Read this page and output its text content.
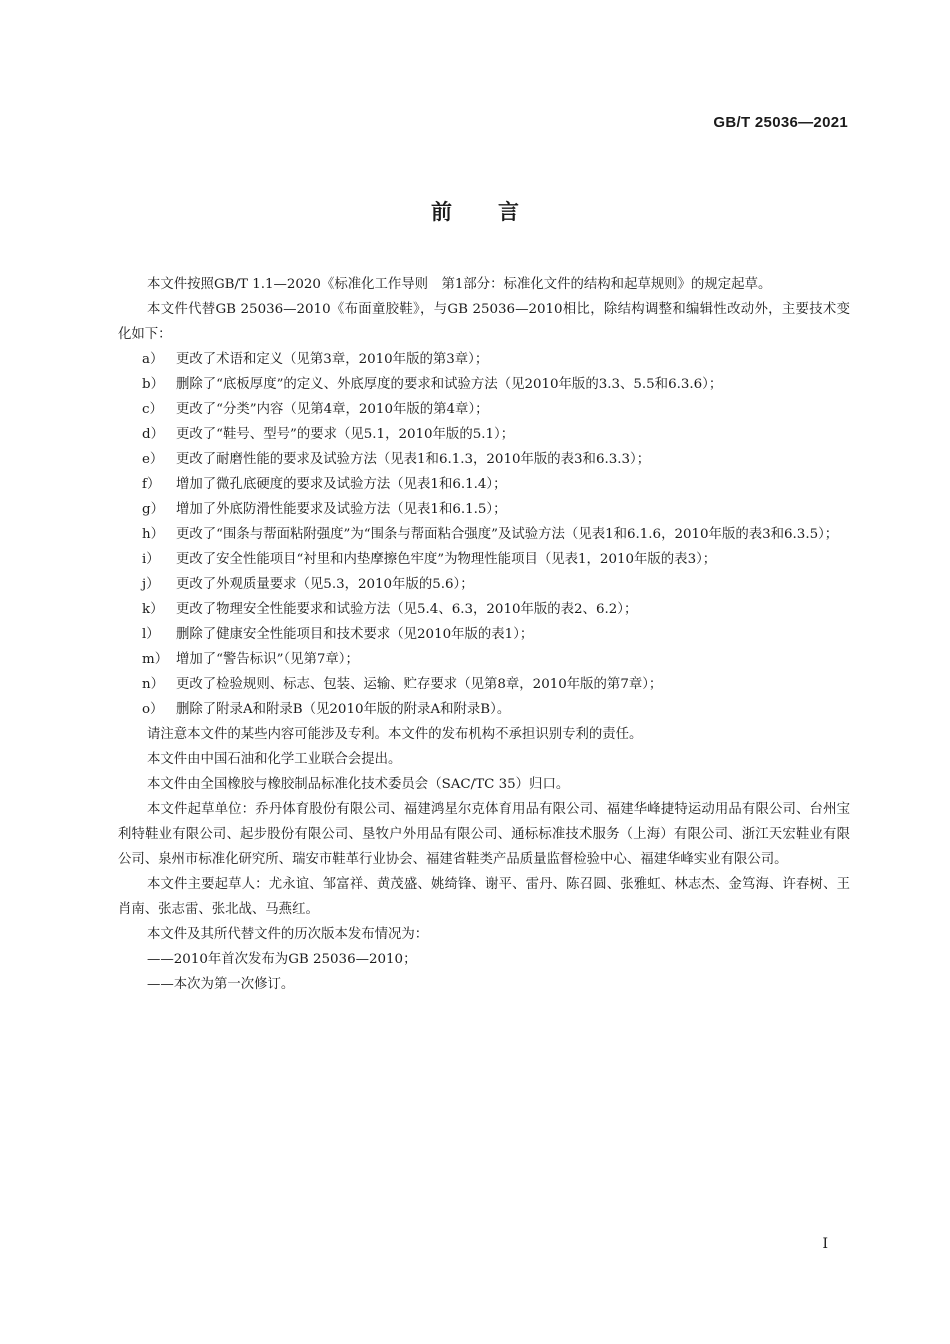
GB/T 25036—2021
前言

本文件按照GB/T 1.1—2020《标准化工作导则　第1部分：标准化文件的结构和起草规则》的规定起草。

本文件代替GB 25036—2010《布面童胶鞋》，与GB 25036—2010相比，除结构调整和编辑性改动外，主要技术变化如下：

a） 更改了术语和定义（见第3章，2010年版的第3章）；

b） 删除了“底板厚度”的定义、外底厚度的要求和试验方法（见2010年版的3.3、5.5和6.3.6）；

c） 更改了“分类”内容（见第4章，2010年版的第4章）；

d） 更改了“鞋号、型号”的要求（见5.1，2010年版的5.1）；

e） 更改了耐磨性能的要求及试验方法（见表1和6.1.3，2010年版的表3和6.3.3）；

f） 增加了微孔底硬度的要求及试验方法（见表1和6.1.4）；

g） 增加了外底防滑性能要求及试验方法（见表1和6.1.5）；

h） 更改了“围条与帮面粘附强度”为“围条与帮面粘合强度”及试验方法（见表1和6.1.6，2010年版的表3和6.3.5）；

i） 更改了安全性能项目“衬里和内垫摩擦色牢度”为物理性能项目（见表1，2010年版的表3）；

j） 更改了外观质量要求（见5.3，2010年版的5.6）；

k） 更改了物理安全性能要求和试验方法（见5.4、6.3，2010年版的表2、6.2）；

l） 删除了健康安全性能项目和技术要求（见2010年版的表1）；

m） 增加了“警告标识”（见第7章）；

n） 更改了检验规则、标志、包装、运输、贮存要求（见第8章，2010年版的第7章）；

o） 删除了附录A和附录B（见2010年版的附录A和附录B）。

请注意本文件的某些内容可能涉及专利。本文件的发布机构不承担识别专利的责任。

本文件由中国石油和化学工业联合会提出。

本文件由全国橡胶与橡胶制品标准化技术委员会（SAC/TC 35）归口。

本文件起草单位：乔丹体育股份有限公司、福建鸿星尔克体育用品有限公司、福建华峰捷特运动用品有限公司、台州宝利特鞋业有限公司、起步股份有限公司、垦牧户外用品有限公司、通标标准技术服务（上海）有限公司、浙江天宏鞋业有限公司、泉州市标准化研究所、瑞安市鞋革行业协会、福建省鞋类产品质量监督检验中心、福建华峰实业有限公司。

本文件主要起草人：尤永谊、邹富祥、黄茂盛、姚绮锋、谢平、雷丹、陈召圆、张雅虹、林志杰、金笃海、许春树、王肖南、张志雷、张北战、马燕红。

本文件及其所代替文件的历次版本发布情况为：

——2010年首次发布为GB 25036—2010；

——本次为第一次修订。

I
